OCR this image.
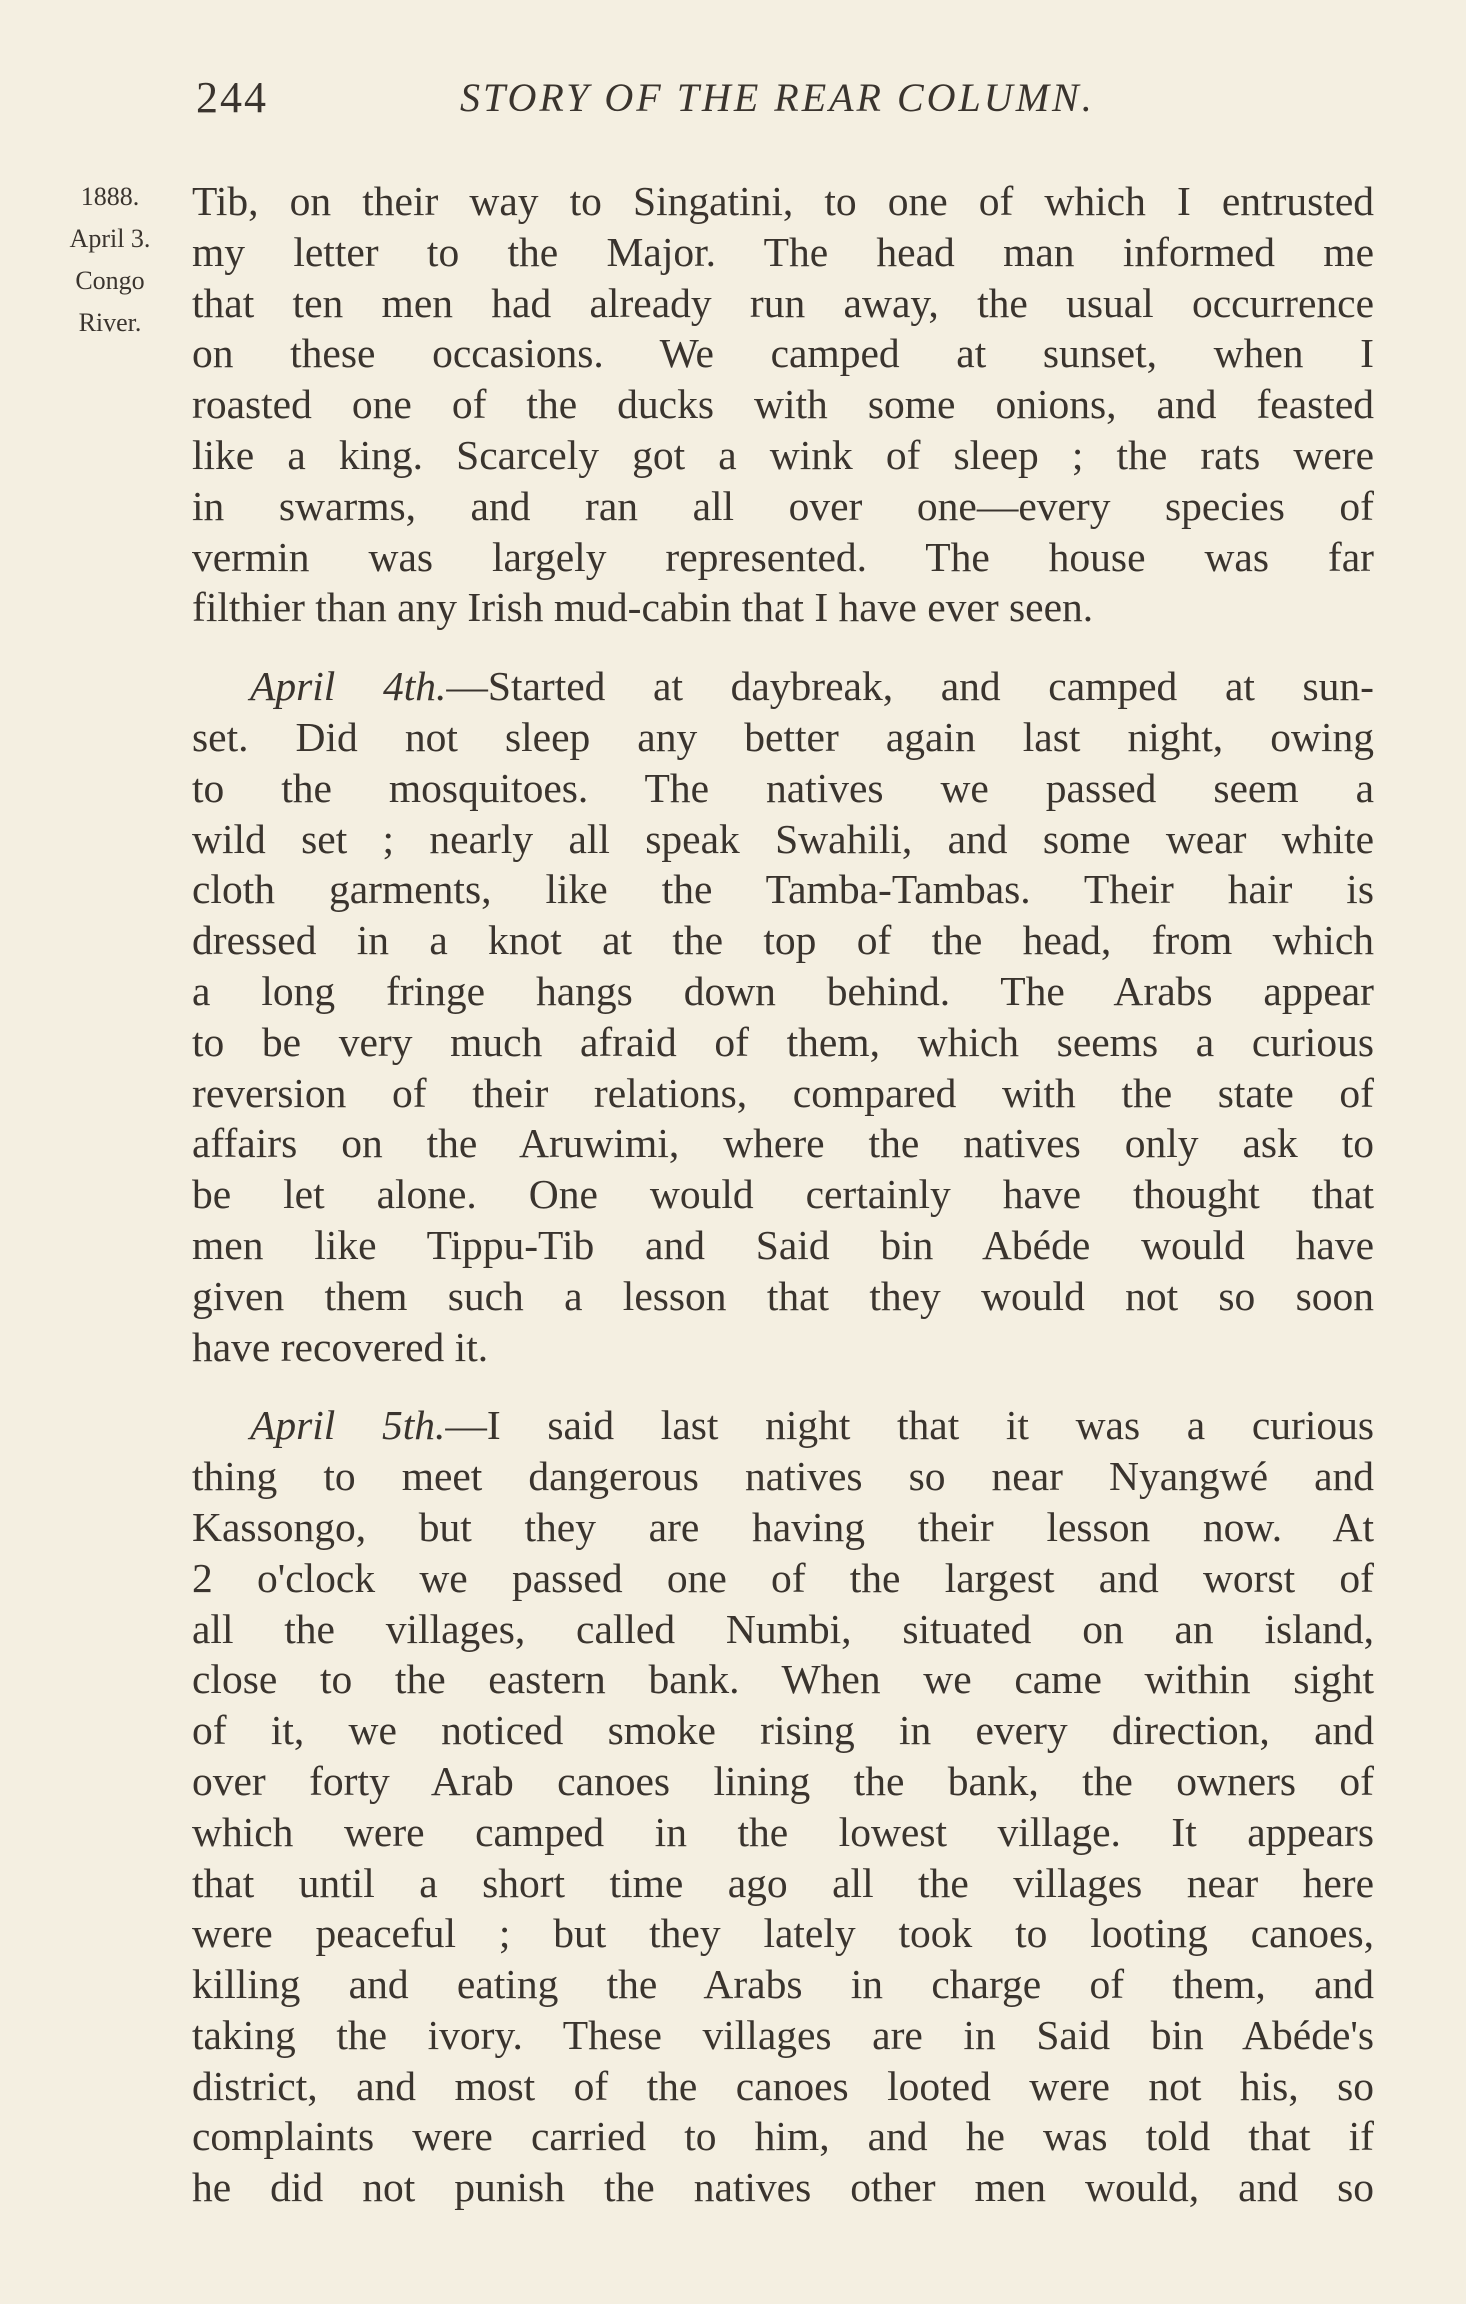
244	STORY OF THE REAR COLUMN.
1888.
April 3.
Congo
River.
Tib, on their way to Singatini, to one of which I entrusted
my letter to the Major. The head man informed me
that ten men had already run away, the usual occurrence
on these occasions. We camped at sunset, when I
roasted one of the ducks with some onions, and feasted
like a king. Scarcely got a wink of sleep ; the rats were
in swarms, and ran all over one—every species of
vermin was largely represented. The house was far
filthier than any Irish mud-cabin that I have ever seen.
April 4th.—Started at daybreak, and camped at sun-
set. Did not sleep any better again last night, owing
to the mosquitoes. The natives we passed seem a
wild set ; nearly all speak Swahili, and some wear white
cloth garments, like the Tamba-Tambas. Their hair is
dressed in a knot at the top of the head, from which
a long fringe hangs down behind. The Arabs appear
to be very much afraid of them, which seems a curious
reversion of their relations, compared with the state of
affairs on the Aruwimi, where the natives only ask to
be let alone. One would certainly have thought that
men like Tippu-Tib and Said bin Abéde would have
given them such a lesson that they would not so soon
have recovered it.
April 5th.—I said last night that it was a curious
thing to meet dangerous natives so near Nyangwé and
Kassongo, but they are having their lesson now. At
2 o'clock we passed one of the largest and worst of
all the villages, called Numbi, situated on an island,
close to the eastern bank. When we came within sight
of it, we noticed smoke rising in every direction, and
over forty Arab canoes lining the bank, the owners of
which were camped in the lowest village. It appears
that until a short time ago all the villages near here
were peaceful ; but they lately took to looting canoes,
killing and eating the Arabs in charge of them, and
taking the ivory. These villages are in Said bin Abéde's
district, and most of the canoes looted were not his, so
complaints were carried to him, and he was told that if
he did not punish the natives other men would, and so
